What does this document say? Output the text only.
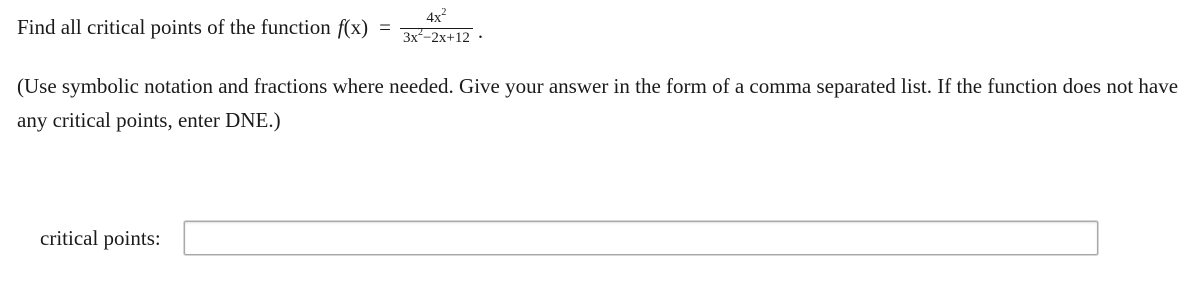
Find all critical points of the function f $(x) = \frac{4x^2}{3x^2-2x+12}$ .
(Use symbolic notation and fractions where needed. Give your answer in the form of a comma separated list. If the function does not have any critical points, enter DNE.)
critical points:
